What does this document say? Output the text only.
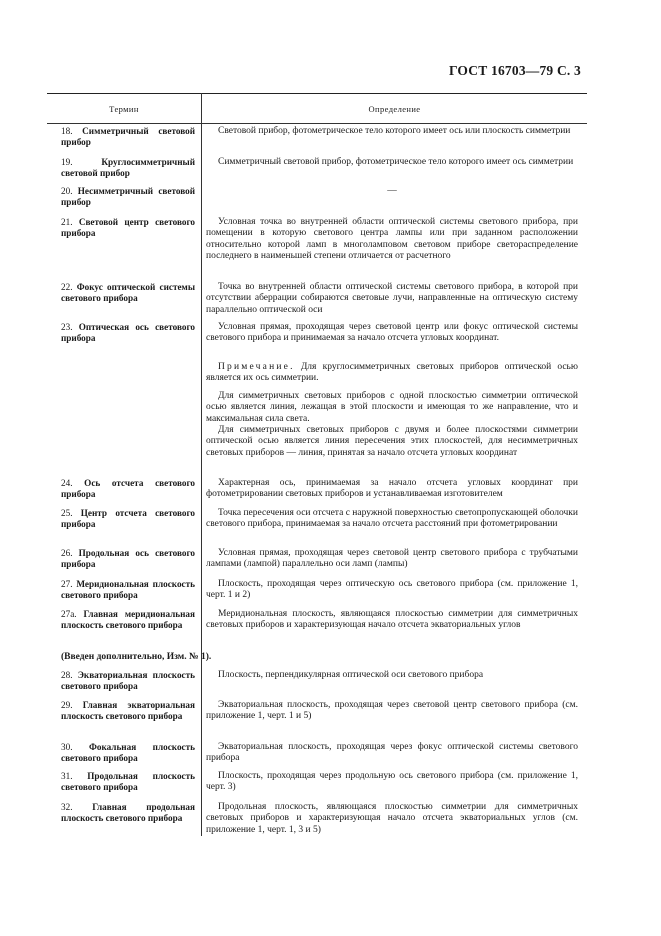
ГОСТ 16703—79 С. 3
Термин	Определение
18. Симметричный световой прибор
Световой прибор, фотометрическое тело которого имеет ось или плоскость симметрии
19.	Круглосимметричный световой прибор
Симметричный световой прибор, фотометрическое тело которого имеет ось симметрии
20. Несимметричный световой прибор
—
21. Световой центр светового прибора
Условная точка во внутренней области оптической системы светового прибора, при помещении в которую светового центра лампы или при заданном расположении относительно которой ламп в многоламповом световом приборе светораспределение последнего в наименьшей степени отличается от расчетного
22. Фокус оптической системы светового прибора
Точка во внутренней области оптической системы светового прибора, в которой при отсутствии аберрации собираются световые лучи, направленные на оптическую систему параллельно оптической оси
23. Оптическая ось светового прибора
Условная прямая, проходящая через световой центр или фокус оптической системы светового прибора и принимаемая за начало отсчета угловых координат.
Примечание. Для круглосимметричных световых приборов оптической осью является их ось симметрии.
Для симметричных световых приборов с одной плоскостью симметрии оптической осью является линия, лежащая в этой плоскости и имеющая то же направление, что и максимальная сила света.
Для симметричных световых приборов с двумя и более плоскостями симметрии оптической осью является линия пересечения этих плоскостей, для несимметричных световых приборов — линия, принятая за начало отсчета угловых координат
24. Ось отсчета светового прибора
Характерная ось, принимаемая за начало отсчета угловых координат при фотометрировании световых приборов и устанавливаемая изготовителем
25. Центр отсчета светового прибора
Точка пересечения оси отсчета с наружной поверхностью светопропускающей оболочки светового прибора, принимаемая за начало отсчета расстояний при фотометрировании
26. Продольная ось светового прибора
Условная прямая, проходящая через световой центр светового прибора с трубчатыми лампами (лампой) параллельно оси ламп (лампы)
27. Меридиональная плоскость светового прибора
Плоскость, проходящая через оптическую ось светового прибора (см. приложение 1, черт. 1 и 2)
27а. Главная меридиональная плоскость светового прибора
Меридиональная плоскость, являющаяся плоскостью симметрии для симметричных световых приборов и характеризующая начало отсчета экваториальных углов
(Введен дополнительно, Изм. № 1).
28. Экваториальная плоскость светового прибора
Плоскость, перпендикулярная оптической оси светового прибора
29. Главная экваториальная плоскость светового прибора
Экваториальная плоскость, проходящая через световой центр светового прибора (см. приложение 1, черт. 1 и 5)
30. Фокальная плоскость светового прибора
Экваториальная плоскость, проходящая через фокус оптической системы светового прибора
31. Продольная плоскость светового прибора
Плоскость, проходящая через продольную ось светового прибора (см. приложение 1, черт. 3)
32. Главная продольная плоскость светового прибора
Продольная плоскость, являющаяся плоскостью симметрии для симметричных световых приборов и характеризующая начало отсчета экваториальных углов (см. приложение 1, черт. 1, 3 и 5)
